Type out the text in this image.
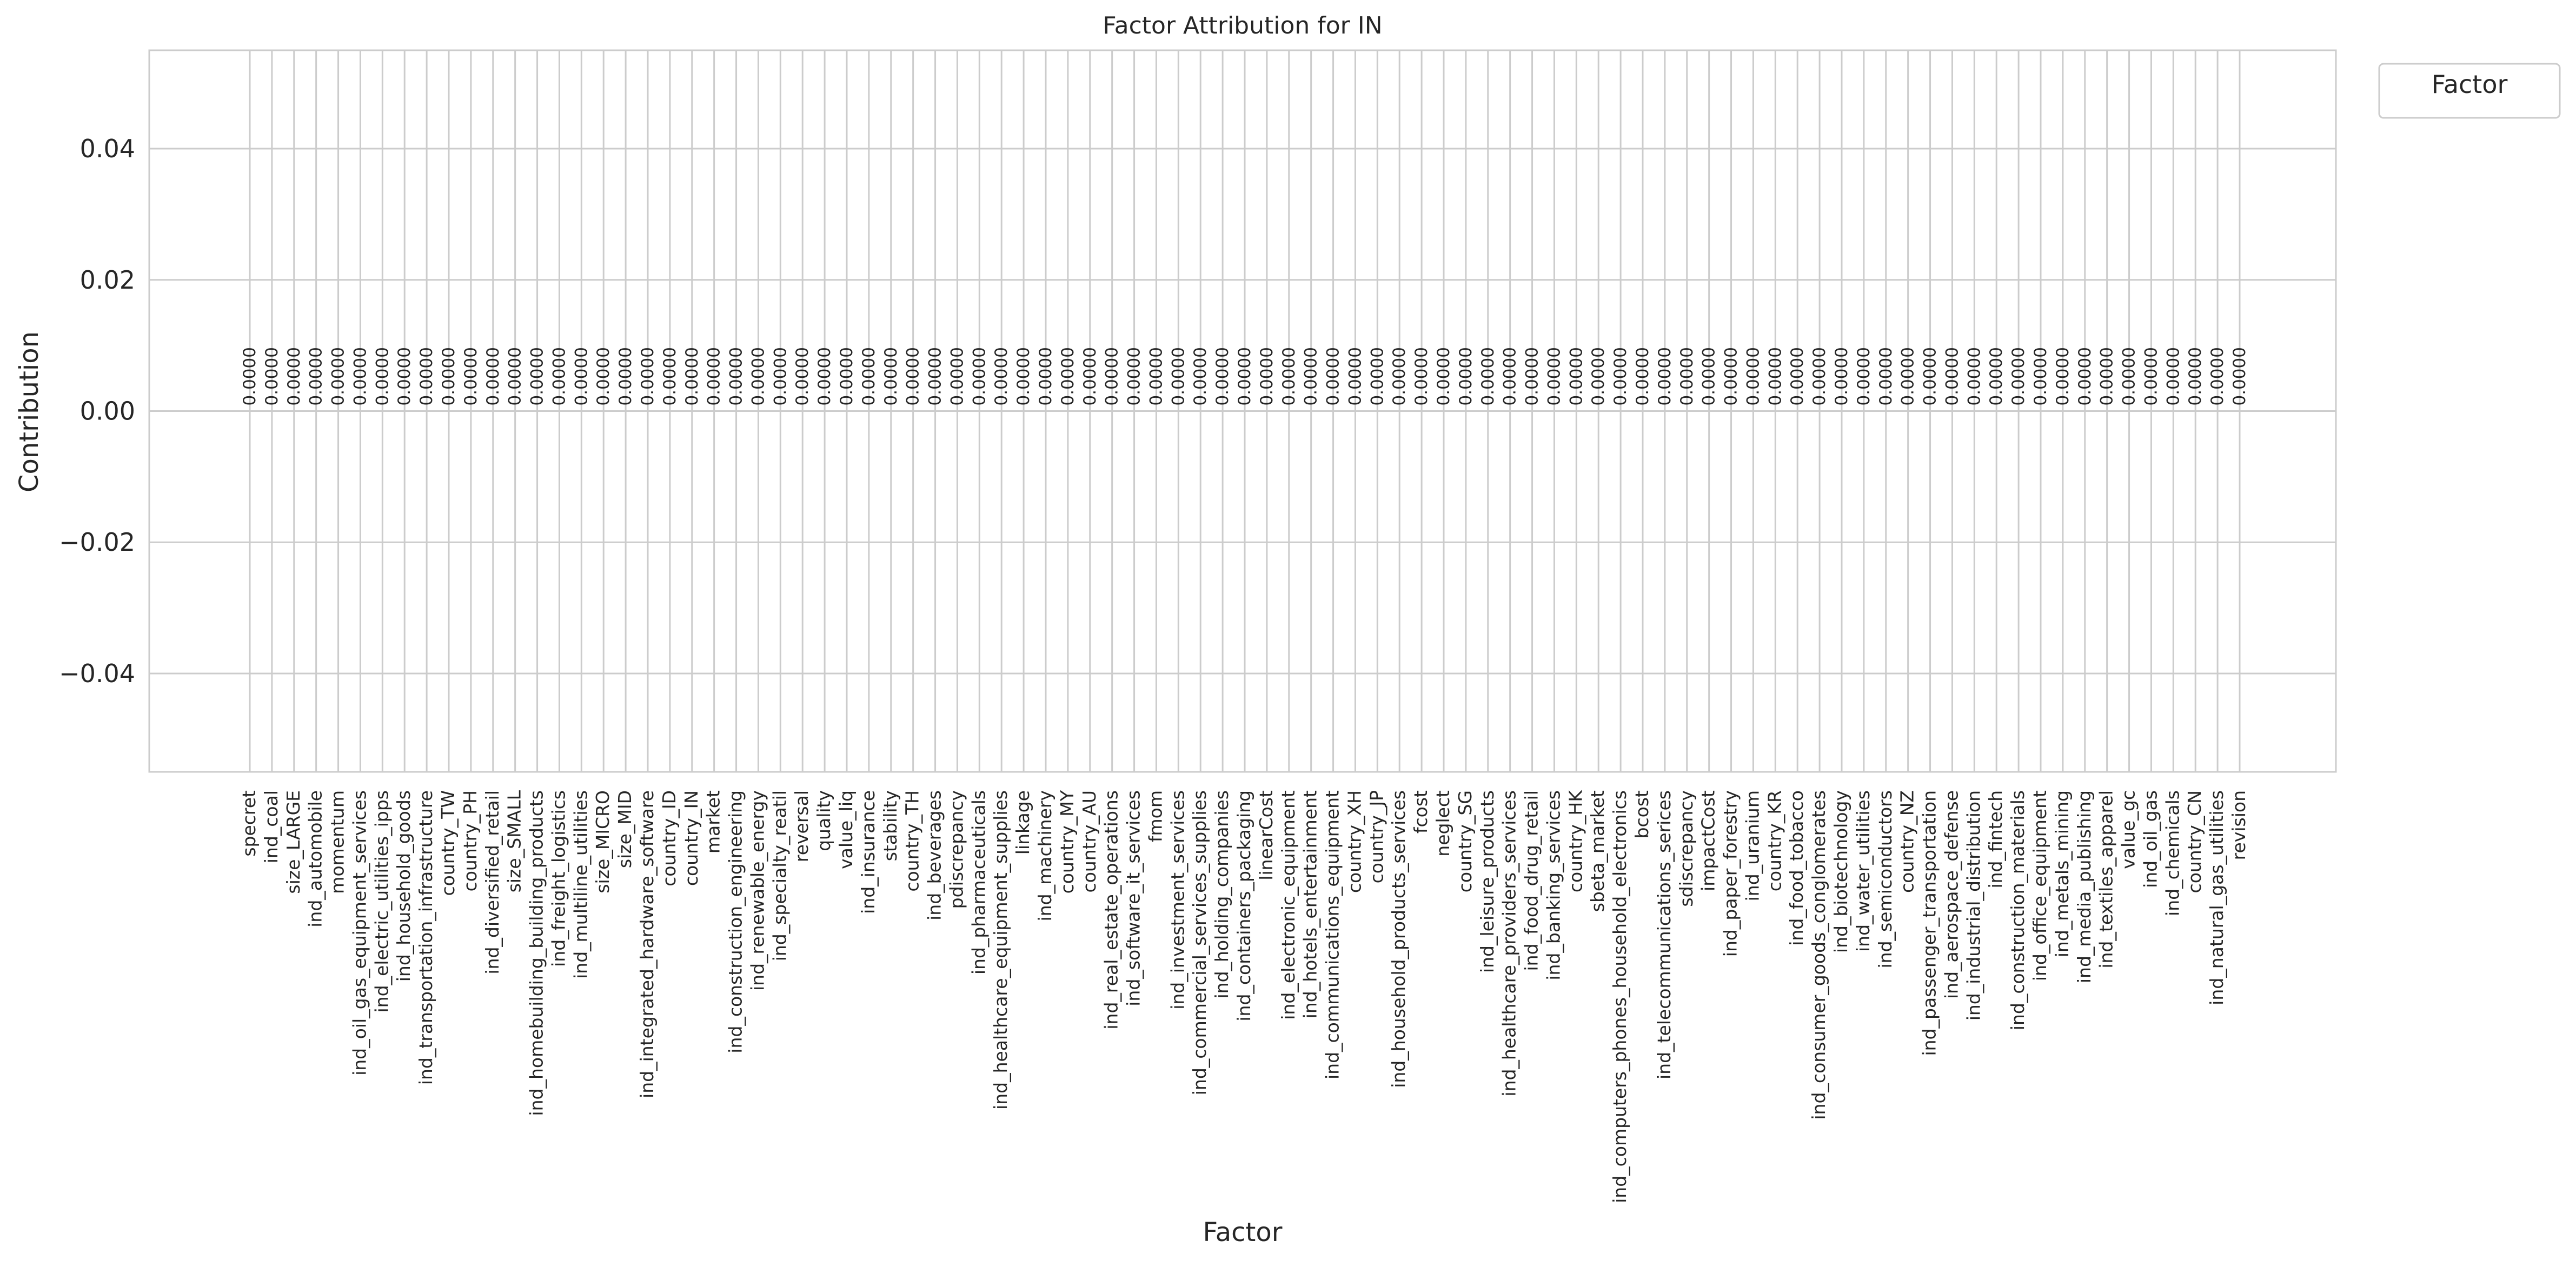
0.04
0.02
0.00
−0.02
−0.04
specret ind_coal size_LARGE ind_automobile momentum ind_oil_gas_equipment_services ind_electric_utilities_ipps ind_household_goods ind_transportation_infrastructure country_TW country_PH ind_diversified_retail size_SMALL ind_homebuilding_building_products ind_freight_logistics ind_multiline_utilities size_MICRO size_MID ind_integrated_hardware_software country_ID country_IN market ind_construction_engineering ind_renewable_energy ind_specialty_reatil reversal quality value_liq ind_insurance stability country_TH ind_beverages pdiscrepancy ind_pharmaceuticals ind_healthcare_equipment_supplies linkage ind_machinery country_MY country_AU ind_real_estate_operations ind_software_it_services fmom ind_investment_services ind_commercial_services_supplies ind_holding_companies ind_containers_packaging linearCost ind_electronic_equipment ind_hotels_entertainment ind_communications_equipment country_XH country_JP ind_household_products_services fcost neglect country_SG ind_leisure_products ind_healthcare_providers_services ind_food_drug_retail ind_banking_services country_HK sbeta_market ind_computers_phones_household_electronics bcost ind_telecommunications_serices sdiscrepancy impactCost ind_paper_forestry ind_uranium country_KR ind_food_tobacco ind_consumer_goods_conglomerates ind_biotechnology ind_water_utilities ind_semiconductors country_NZ ind_passenger_transportation ind_aerospace_defense ind_industrial_distribution ind_fintech ind_construction_materials ind_office_equipment ind_metals_mining ind_media_publishing ind_textiles_apparel value_gc ind_oil_gas ind_chemicals country_CN ind_natural_gas_utilities revision
0.0000 0.0000 0.0000 0.0000 0.0000 0.0000 0.0000 0.0000 0.0000 0.0000 0.0000 0.0000 0.0000 0.0000 0.0000 0.0000 0.0000 0.0000 0.0000 0.0000 0.0000 0.0000 0.0000 0.0000 0.0000 0.0000 0.0000 0.0000 0.0000 0.0000 0.0000 0.0000 0.0000 0.0000 0.0000 0.0000 0.0000 0.0000 0.0000 0.0000 0.0000 0.0000 0.0000 0.0000 0.0000 0.0000 0.0000 0.0000 0.0000 0.0000 0.0000 0.0000 0.0000 0.0000 0.0000 0.0000 0.0000 0.0000 0.0000 0.0000 0.0000 0.0000 0.0000 0.0000 0.0000 0.0000 0.0000 0.0000 0.0000 0.0000 0.0000 0.0000 0.0000 0.0000 0.0000 0.0000 0.0000 0.0000 0.0000 0.0000 0.0000 0.0000 0.0000 0.0000 0.0000 0.0000 0.0000 0.0000 0.0000 0.0000 0.0000
Factor Attribution for IN
Contribution
Factor
Factor
